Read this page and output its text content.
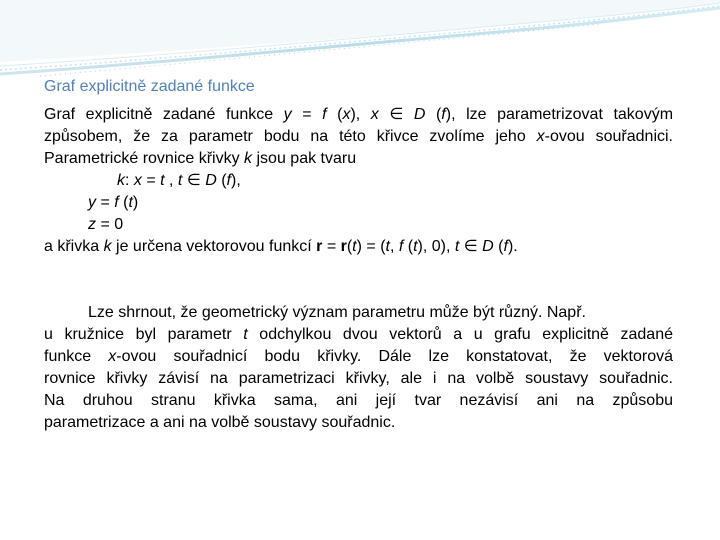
Graf explicitně zadané funkce
Graf explicitně zadané funkce y = f (x), x ∈ D (f), lze parametrizovat takovým
způsobem, že za parametr bodu na této křivce zvolíme jeho x-ovou souřadnici.
Parametrické rovnice křivky k jsou pak tvaru
k: x = t , t ∈ D (f),
y = f (t)
z = 0
a křivka k je určena vektorovou funkcí r = r(t) = (t, f (t), 0), t ∈ D (f).
Lze shrnout, že geometrický význam parametru může být různý. Např.
u kružnice byl parametr t odchylkou dvou vektorů a u grafu explicitně zadané
funkce x-ovou souřadnicí bodu křivky. Dále lze konstatovat, že vektorová
rovnice křivky závisí na parametrizaci křivky, ale i na volbě soustavy souřadnic.
Na druhou stranu křivka sama, ani její tvar nezávisí ani na způsobu
parametrizace a ani na volbě soustavy souřadnic.
